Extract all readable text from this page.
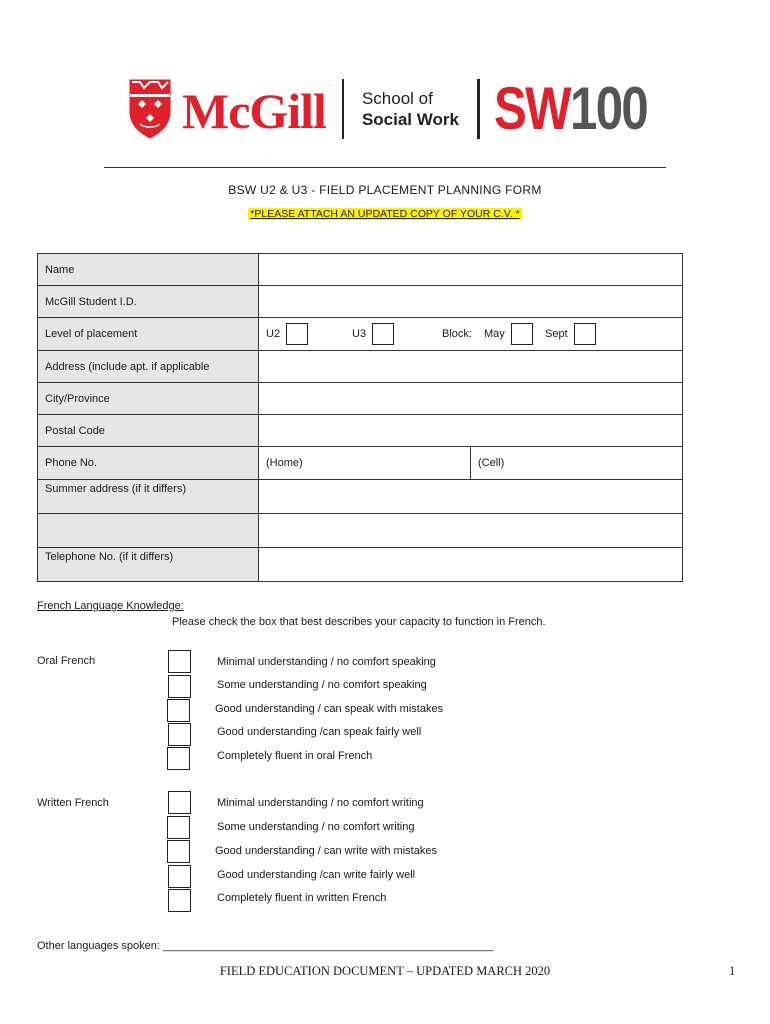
McGill School of
Social Work SW100
BSW U2 & U3 - FIELD PLACEMENT PLANNING FORM
*PLEASE ATTACH AN UPDATED COPY OF YOUR C.V. *
Name	
McGill Student I.D.	
Level of placement	U2 U3 Block: May Sept

Address (include apt. if applicable	
City/Province	
Postal Code	
Phone No.	(Home) (Cell)

Summer address (if it differs)	

Telephone No. (if it differs)	
French Language Knowledge:
Please check the box that best describes your capacity to function in French.
Oral French	Minimal understanding / no comfort speaking
Some understanding / no comfort speaking
Good understanding / can speak with mistakes
Good understanding /can speak fairly well
Completely fluent in oral French
Written French	Minimal understanding / no comfort writing
Some understanding / no comfort writing
Good understanding / can write with mistakes
Good understanding /can write fairly well
Completely fluent in written French
Other languages spoken: ______________________________________________________
FIELD EDUCATION DOCUMENT – UPDATED MARCH 2020	1
